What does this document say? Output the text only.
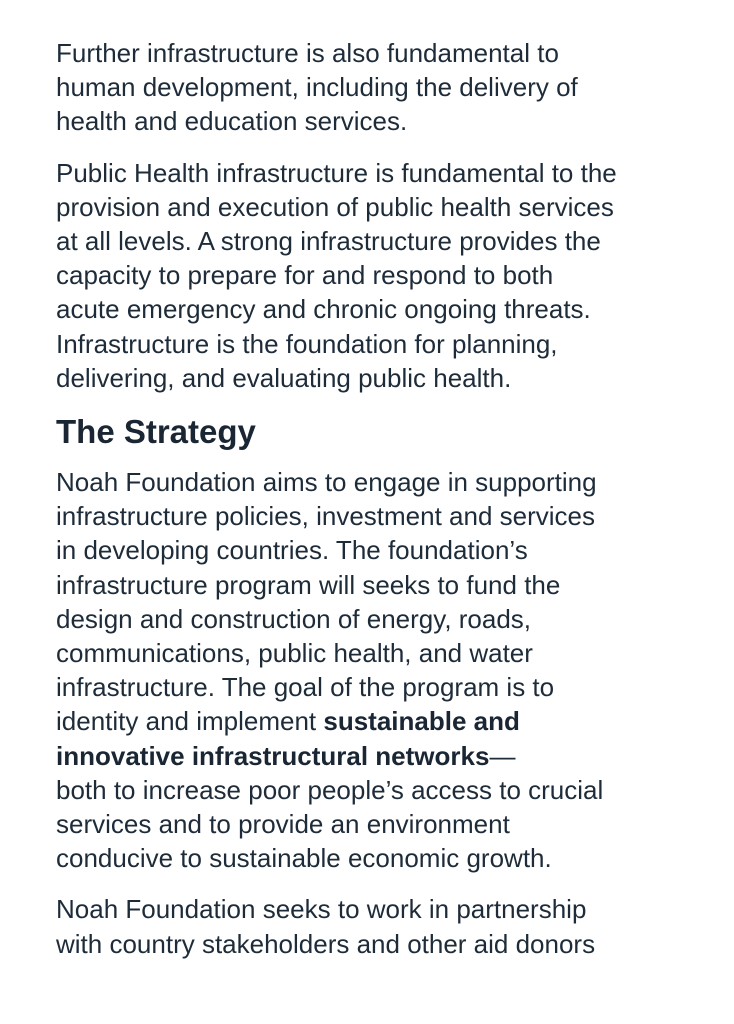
Further infrastructure is also fundamental to
human development, including the delivery of
health and education services.

Public Health infrastructure is fundamental to the
provision and execution of public health services
at all levels. A strong infrastructure provides the
capacity to prepare for and respond to both
acute emergency and chronic ongoing threats.
Infrastructure is the foundation for planning,
delivering, and evaluating public health.

The Strategy

Noah Foundation aims to engage in supporting
infrastructure policies, investment and services
in developing countries. The foundation’s
infrastructure program will seeks to fund the
design and construction of energy, roads,
communications, public health, and water
infrastructure. The goal of the program is to
identity and implement sustainable and
innovative infrastructural networks—
both to increase poor people’s access to crucial
services and to provide an environment
conducive to sustainable economic growth.

Noah Foundation seeks to work in partnership
with country stakeholders and other aid donors
